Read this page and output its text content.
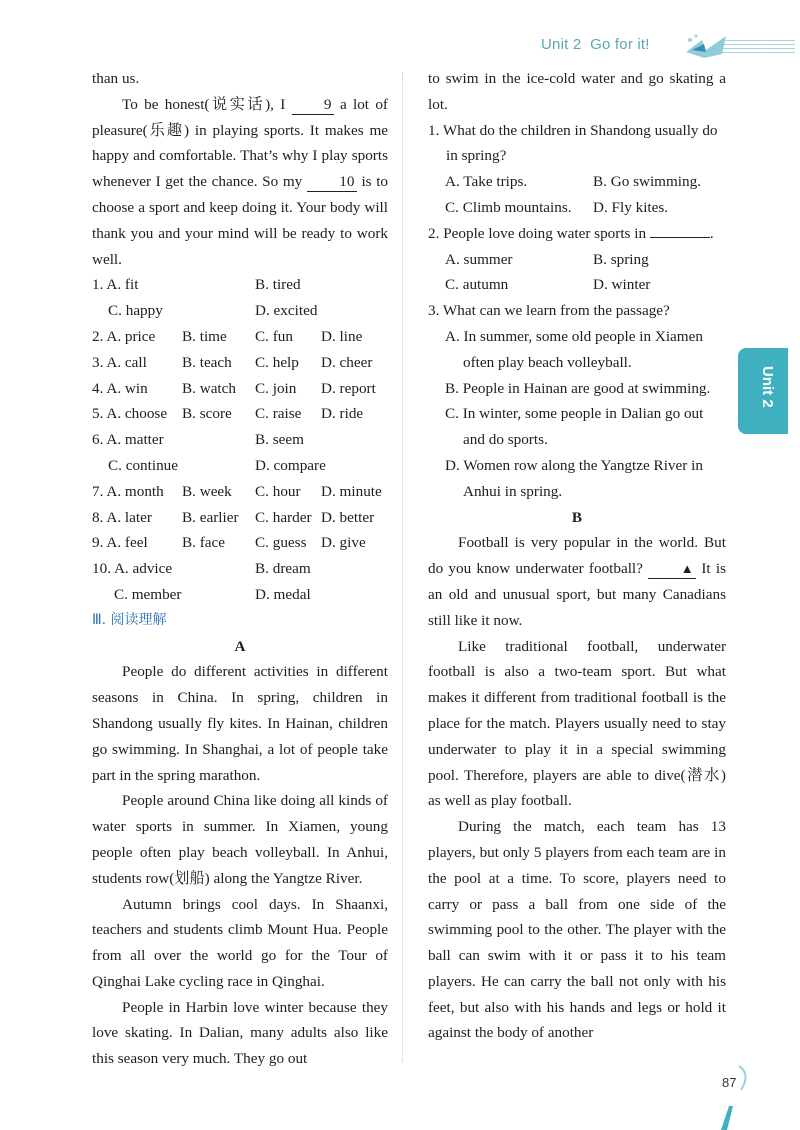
Unit 2 Go for it!

than us.

To be honest(说实话), I	9 a lot of pleasure(乐趣) in playing sports. It makes me happy and comfortable. That’s why I play sports whenever I get the chance. So my 10 is to choose a sport and keep doing it. Your body will thank you and your mind will be ready to work well.

1. A. fit	B. tired
C. happy	D. excited
2. A. price	B. time	C. fun	D. line
3. A. call	B. teach	C. help	D. cheer
4. A. win	B. watch	C. join	D. report
5. A. choose B. score	C. raise	D. ride
6. A. matter	B. seem
C. continue	D. compare
7. A. month	B. week	C. hour	D. minute
8. A. later	B. earlier	C. harder D. better
9. A. feel	B. face	C. guess D. give
10. A. advice	B. dream
C. member	D. medal

Ⅲ. 阅读理解

A

People do different activities in different seasons in China. In spring, children in Shandong usually fly kites. In Hainan, children go swimming. In Shanghai, a lot of people take part in the spring marathon.

People around China like doing all kinds of water sports in summer. In Xiamen, young people often play beach volleyball. In Anhui, students row(划船) along the Yangtze River.

Autumn brings cool days. In Shaanxi, teachers and students climb Mount Hua. People from all over the world go for the Tour of Qinghai Lake cycling race in Qinghai.

People in Harbin love winter because they love skating. In Dalian, many adults also like this season very much. They go out

to swim in the ice-cold water and go skating a lot.

1. What do the children in Shandong usually do in spring?

A. Take trips.	B. Go swimming.
C. Climb mountains.	D. Fly kites.

2. People love doing water sports in	.

A. summer	B. spring
C. autumn	D. winter

3. What can we learn from the passage?

A. In summer, some old people in Xiamen often play beach volleyball.

B. People in Hainan are good at swimming.

C. In winter, some people in Dalian go out and do sports.

D. Women row along the Yangtze River in Anhui in spring.

B

Football is very popular in the world. But do you know underwater football?	▲ It is an old and unusual sport, but many Canadians still like it now.

Like traditional football, underwater football is also a two-team sport. But what makes it different from traditional football is the place for the match. Players usually need to stay underwater to play it in a special swimming pool. Therefore, players are able to dive(潜水) as well as play football.

During the match, each team has 13 players, but only 5 players from each team are in the pool at a time. To score, players need to carry or pass a ball from one side of the swimming pool to the other. The player with the ball can swim with it or pass it to his team players. He can carry the ball not only with his feet, but also with his hands and legs or hold it against the body of another

Unit 2
87
